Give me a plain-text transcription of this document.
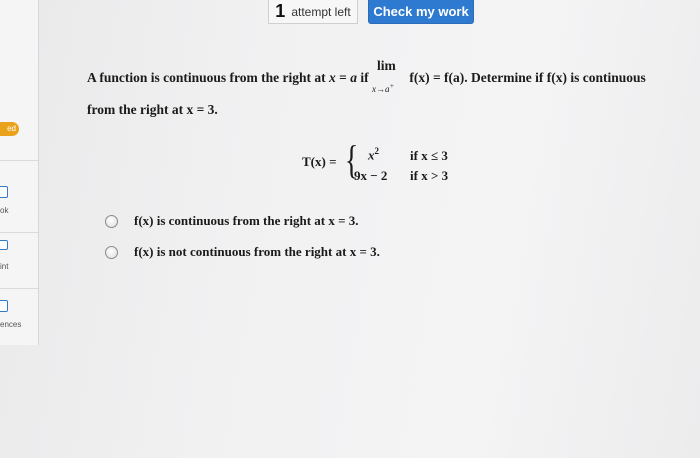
ed
ok
int
ences
1 attempt left	Check my work
A function is continuous from the right at x = a if
lim
x→a+
f(x) = f(a). Determine if f(x) is continuous
from the right at x = 3.
T(x) = { $x^2$ if x ≤ 3
9x − 2 if x > 3
f(x) is continuous from the right at x = 3.
f(x) is not continuous from the right at x = 3.
